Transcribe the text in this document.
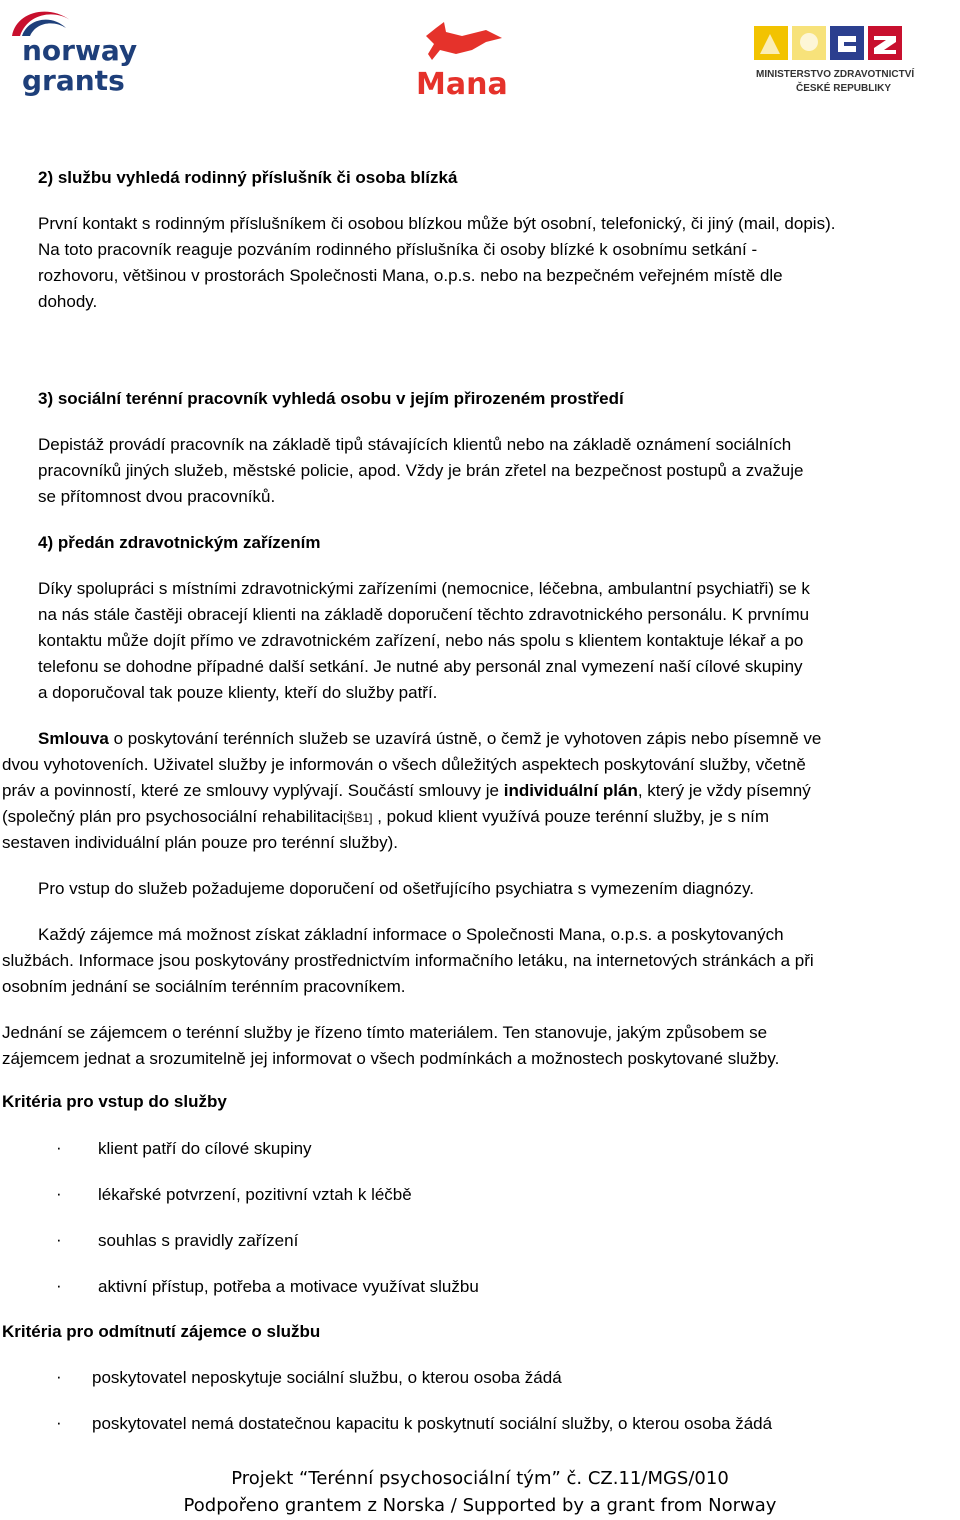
norway
grants	Mana	MINISTERSTVO ZDRAVOTNICTVÍ
ČESKÉ REPUBLIKY
2) službu vyhledá rodinný příslušník či osoba blízká
První kontakt s rodinným příslušníkem či osobou blízkou může být osobní, telefonický, či jiný (mail, dopis).
Na toto pracovník reaguje pozváním rodinného příslušníka či osoby blízké k osobnímu setkání -
rozhovoru, většinou v prostorách Společnosti Mana, o.p.s. nebo na bezpečném veřejném místě dle
dohody.
3) sociální terénní pracovník vyhledá osobu v jejím přirozeném prostředí
Depistáž provádí pracovník na základě tipů stávajících klientů nebo na základě oznámení sociálních
pracovníků jiných služeb, městské policie, apod. Vždy je brán zřetel na bezpečnost postupů a zvažuje
se přítomnost dvou pracovníků.
4) předán zdravotnickým zařízením
Díky spolupráci s místními zdravotnickými zařízeními (nemocnice, léčebna, ambulantní psychiatři) se k
na nás stále častěji obracejí klienti na základě doporučení těchto zdravotnického personálu. K prvnímu
kontaktu může dojít přímo ve zdravotnickém zařízení, nebo nás spolu s klientem kontaktuje lékař a po
telefonu se dohodne případné další setkání. Je nutné aby personál znal vymezení naší cílové skupiny
a doporučoval tak pouze klienty, kteří do služby patří.
Smlouva o poskytování terénních služeb se uzavírá ústně, o čemž je vyhotoven zápis nebo písemně ve
dvou vyhotoveních. Uživatel služby je informován o všech důležitých aspektech poskytování služby, včetně
práv a povinností, které ze smlouvy vyplývají. Součástí smlouvy je individuální plán, který je vždy písemný
(společný plán pro psychosociální rehabilitaci[ŠB1] , pokud klient využívá pouze terénní služby, je s ním
sestaven individuální plán pouze pro terénní služby).
Pro vstup do služeb požadujeme doporučení od ošetřujícího psychiatra s vymezením diagnózy.
Každý zájemce má možnost získat základní informace o Společnosti Mana, o.p.s. a poskytovaných
službách. Informace jsou poskytovány prostřednictvím informačního letáku, na internetových stránkách a při
osobním jednání se sociálním terénním pracovníkem.
Jednání se zájemcem o terénní služby je řízeno tímto materiálem. Ten stanovuje, jakým způsobem se
zájemcem jednat a srozumitelně jej informovat o všech podmínkách a možnostech poskytované služby.
Kritéria pro vstup do služby
· klient patří do cílové skupiny
· lékařské potvrzení, pozitivní vztah k léčbě
· souhlas s pravidly zařízení
· aktivní přístup, potřeba a motivace využívat službu
Kritéria pro odmítnutí zájemce o službu
· poskytovatel neposkytuje sociální službu, o kterou osoba žádá
· poskytovatel nemá dostatečnou kapacitu k poskytnutí sociální služby, o kterou osoba žádá
Projekt “Terénní psychosociální tým” č. CZ.11/MGS/010
Podpořeno grantem z Norska / Supported by a grant from Norway
